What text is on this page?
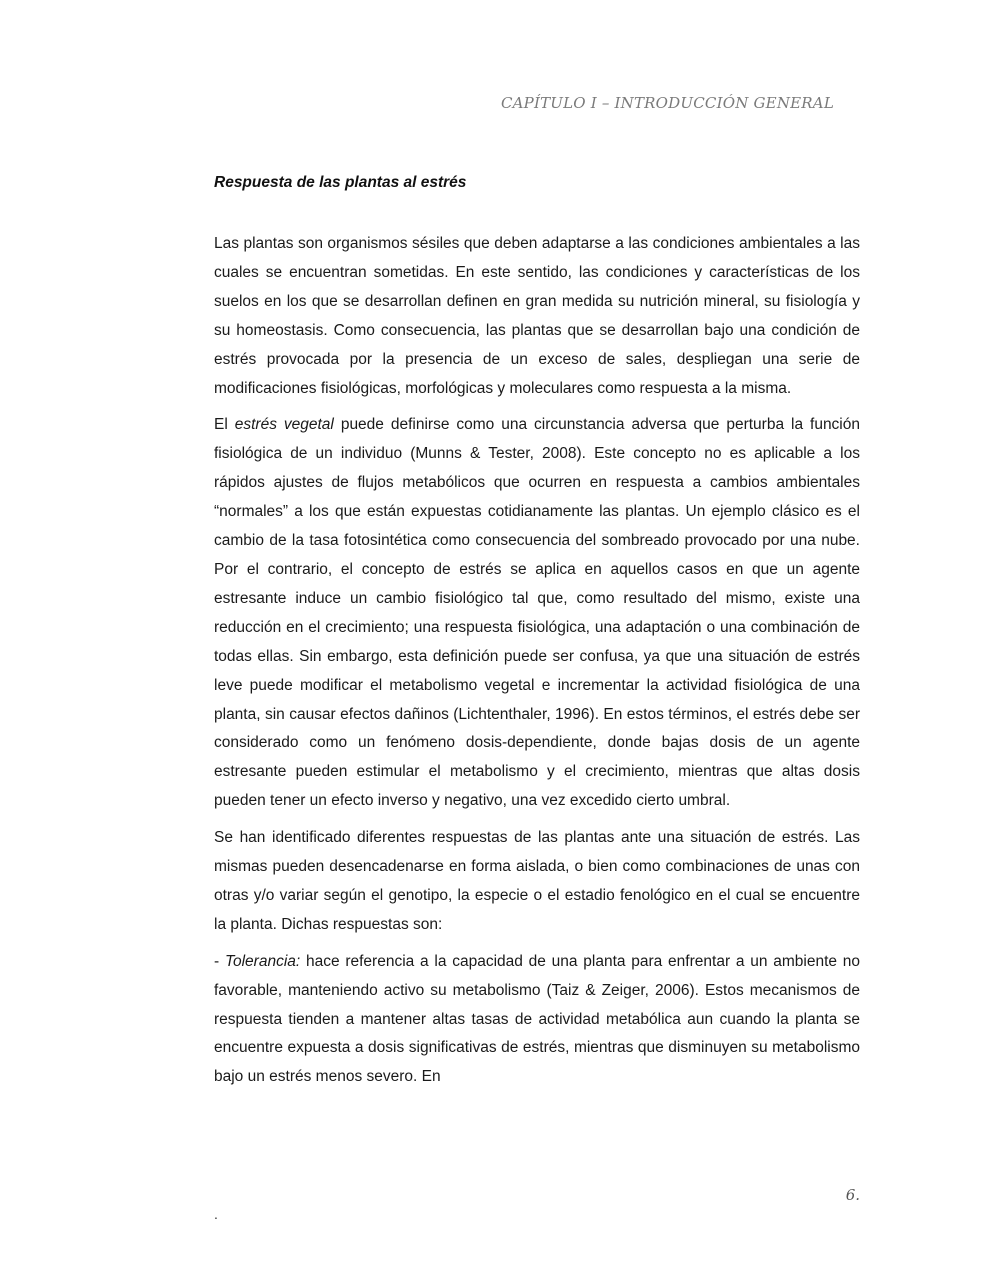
CAPÍTULO I – INTRODUCCIÓN GENERAL
Respuesta de las plantas al estrés

Las plantas son organismos sésiles que deben adaptarse a las condiciones ambientales a las cuales se encuentran sometidas. En este sentido, las condiciones y características de los suelos en los que se desarrollan definen en gran medida su nutrición mineral, su fisiología y su homeostasis. Como consecuencia, las plantas que se desarrollan bajo una condición de estrés provocada por la presencia de un exceso de sales, despliegan una serie de modificaciones fisiológicas, morfológicas y moleculares como respuesta a la misma.

El estrés vegetal puede definirse como una circunstancia adversa que perturba la función fisiológica de un individuo (Munns & Tester, 2008). Este concepto no es aplicable a los rápidos ajustes de flujos metabólicos que ocurren en respuesta a cambios ambientales “normales” a los que están expuestas cotidianamente las plantas. Un ejemplo clásico es el cambio de la tasa fotosintética como consecuencia del sombreado provocado por una nube. Por el contrario, el concepto de estrés se aplica en aquellos casos en que un agente estresante induce un cambio fisiológico tal que, como resultado del mismo, existe una reducción en el crecimiento; una respuesta fisiológica, una adaptación o una combinación de todas ellas. Sin embargo, esta definición puede ser confusa, ya que una situación de estrés leve puede modificar el metabolismo vegetal e incrementar la actividad fisiológica de una planta, sin causar efectos dañinos (Lichtenthaler, 1996). En estos términos, el estrés debe ser considerado como un fenómeno dosis-dependiente, donde bajas dosis de un agente estresante pueden estimular el metabolismo y el crecimiento, mientras que altas dosis pueden tener un efecto inverso y negativo, una vez excedido cierto umbral.

Se han identificado diferentes respuestas de las plantas ante una situación de estrés. Las mismas pueden desencadenarse en forma aislada, o bien como combinaciones de unas con otras y/o variar según el genotipo, la especie o el estadio fenológico en el cual se encuentre la planta. Dichas respuestas son:

- Tolerancia: hace referencia a la capacidad de una planta para enfrentar a un ambiente no favorable, manteniendo activo su metabolismo (Taiz & Zeiger, 2006). Estos mecanismos de respuesta tienden a mantener altas tasas de actividad metabólica aun cuando la planta se encuentre expuesta a dosis significativas de estrés, mientras que disminuyen su metabolismo bajo un estrés menos severo. En

6.
.
